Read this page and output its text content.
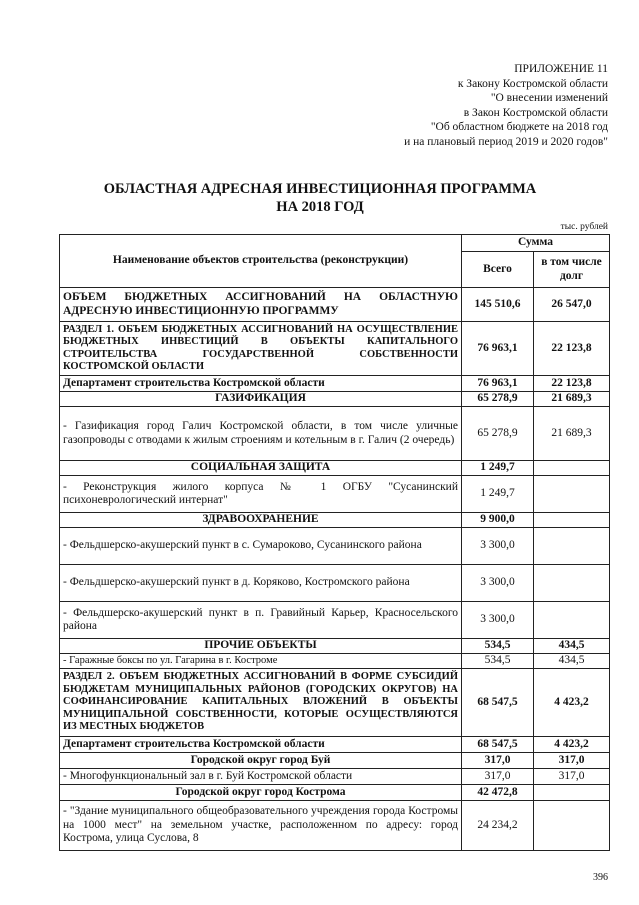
ПРИЛОЖЕНИЕ 11
к Закону Костромской области
"О внесении изменений
в Закон Костромской области
"Об областном бюджете на 2018 год
и на плановый период 2019 и 2020 годов"
ОБЛАСТНАЯ АДРЕСНАЯ ИНВЕСТИЦИОННАЯ ПРОГРАММА
НА 2018 ГОД
тыс. рублей
Наименование объектов строительства (реконструкции)	Сумма	
	Всего	в том числе долг
ОБЪЕМ БЮДЖЕТНЫХ АССИГНОВАНИЙ НА ОБЛАСТНУЮ АДРЕСНУЮ ИНВЕСТИЦИОННУЮ ПРОГРАММУ	145 510,6	26 547,0
РАЗДЕЛ 1. ОБЪЕМ БЮДЖЕТНЫХ АССИГНОВАНИЙ НА ОСУЩЕСТВЛЕНИЕ БЮДЖЕТНЫХ ИНВЕСТИЦИЙ В ОБЪЕКТЫ КАПИТАЛЬНОГО СТРОИТЕЛЬСТВА ГОСУДАРСТВЕННОЙ СОБСТВЕННОСТИ КОСТРОМСКОЙ ОБЛАСТИ	76 963,1	22 123,8
Департамент строительства Костромской области	76 963,1	22 123,8
ГАЗИФИКАЦИЯ	65 278,9	21 689,3
- Газификация город Галич Костромской области, в том числе уличные газопроводы с отводами к жилым строениям и котельным в г. Галич (2 очередь)	65 278,9	21 689,3
СОЦИАЛЬНАЯ ЗАЩИТА	1 249,7	
- Реконструкция жилого корпуса № 1 ОГБУ "Сусанинский психоневрологический интернат"	1 249,7	
ЗДРАВООХРАНЕНИЕ	9 900,0	
- Фельдшерско-акушерский пункт в с. Сумароково, Сусанинского района	3 300,0	
- Фельдшерско-акушерский пункт в д. Коряково, Костромского района	3 300,0	
- Фельдшерско-акушерский пункт в п. Гравийный Карьер, Красносельского района	3 300,0	
ПРОЧИЕ ОБЪЕКТЫ	534,5	434,5
- Гаражные боксы по ул. Гагарина в г. Костроме	534,5	434,5
РАЗДЕЛ 2. ОБЪЕМ БЮДЖЕТНЫХ АССИГНОВАНИЙ В ФОРМЕ СУБСИДИЙ БЮДЖЕТАМ МУНИЦИПАЛЬНЫХ РАЙОНОВ (ГОРОДСКИХ ОКРУГОВ) НА СОФИНАНСИРОВАНИЕ КАПИТАЛЬНЫХ ВЛОЖЕНИЙ В ОБЪЕКТЫ МУНИЦИПАЛЬНОЙ СОБСТВЕННОСТИ, КОТОРЫЕ ОСУЩЕСТВЛЯЮТСЯ ИЗ МЕСТНЫХ БЮДЖЕТОВ	68 547,5	4 423,2
Департамент строительства Костромской области	68 547,5	4 423,2
Городской округ город Буй	317,0	317,0
- Многофункциональный зал в г. Буй Костромской области	317,0	317,0
Городской округ город Кострома	42 472,8	
- "Здание муниципального общеобразовательного учреждения города Костромы на 1000 мест" на земельном участке, расположенном по адресу: город Кострома, улица Суслова, 8	24 234,2	
396
